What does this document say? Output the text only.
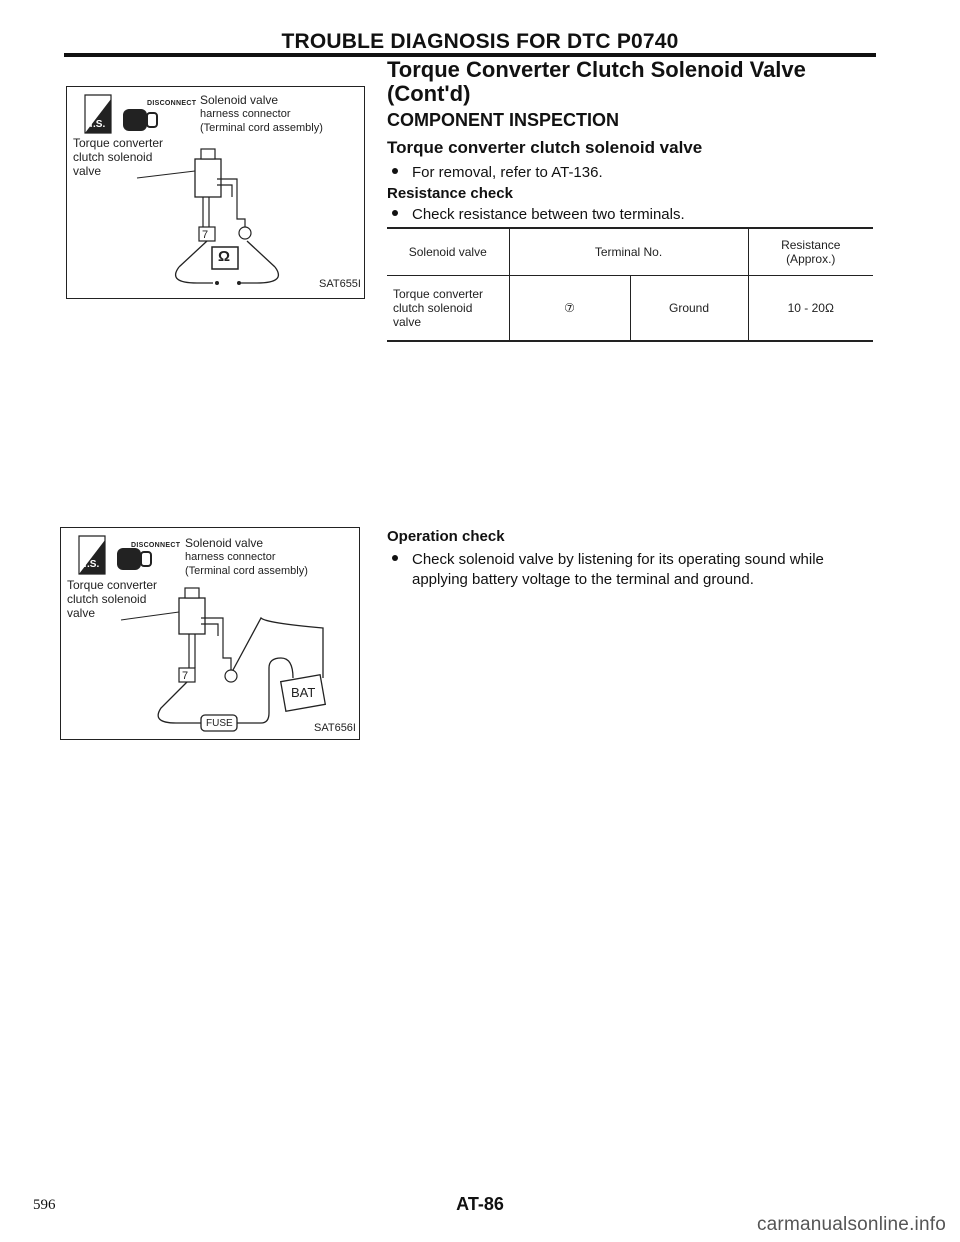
TROUBLE DIAGNOSIS FOR DTC P0740
Torque Converter Clutch Solenoid Valve
(Cont'd)
COMPONENT INSPECTION
Torque converter clutch solenoid valve
For removal, refer to AT-136.
Resistance check
Check resistance between two terminals.
Solenoid valve	Terminal No.		Resistance
(Approx.)

Torque converter
clutch solenoid
valve	⑦	Ground	10 - 20Ω
Operation check
Check solenoid valve by listening for its operating sound while
applying battery voltage to the terminal and ground.
DISCONNECT
T.S.
Solenoid valve
harness connector
(Terminal cord assembly)
Torque converter
clutch solenoid
valve
7
Ω
SAT655I
DISCONNECT
T.S.
Solenoid valve
harness connector
(Terminal cord assembly)
Torque converter
clutch solenoid
valve
7
FUSE
BAT
SAT656I
596	AT-86
carmanualsonline.info
